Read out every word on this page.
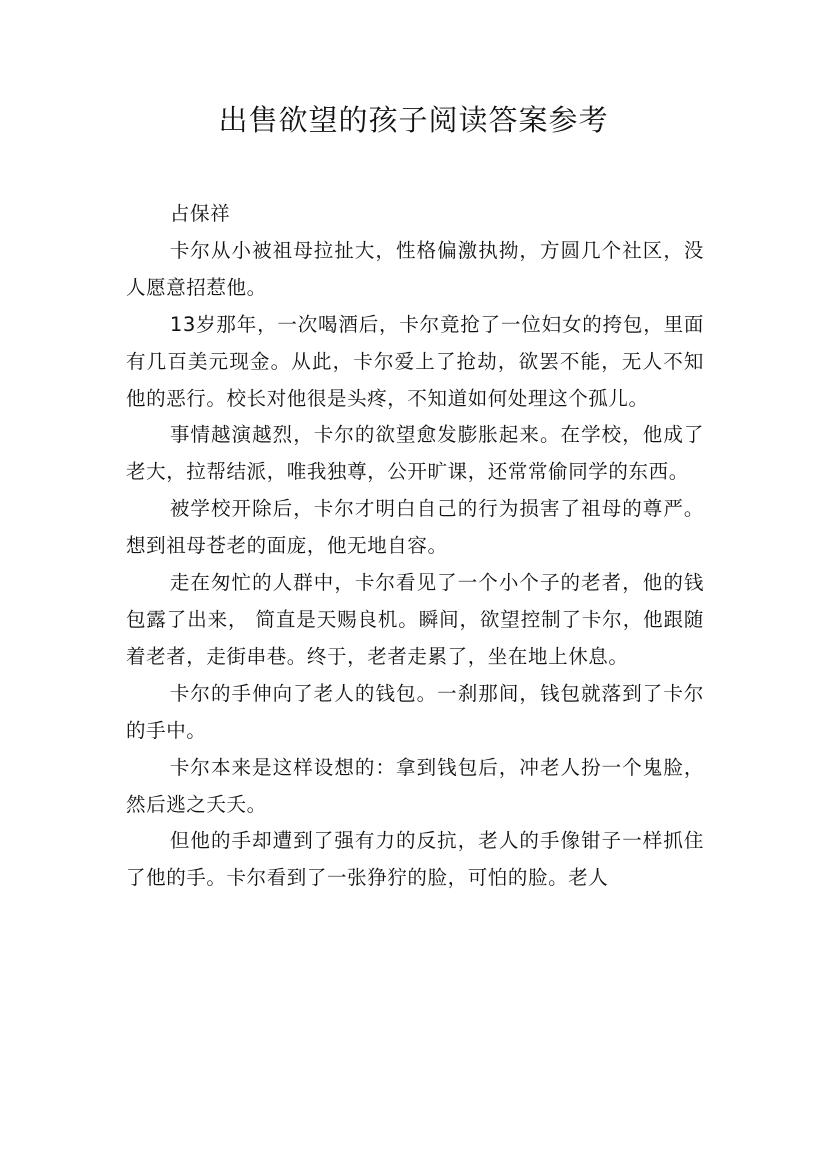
出售欲望的孩子阅读答案参考

占保祥

卡尔从小被祖母拉扯大，性格偏激执拗，方圆几个社区，没人愿意招惹他。

13岁那年，一次喝酒后，卡尔竟抢了一位妇女的挎包，里面有几百美元现金。从此，卡尔爱上了抢劫，欲罢不能，无人不知他的恶行。校长对他很是头疼，不知道如何处理这个孤儿。

事情越演越烈，卡尔的欲望愈发膨胀起来。在学校，他成了老大，拉帮结派，唯我独尊，公开旷课，还常常偷同学的东西。

被学校开除后，卡尔才明白自己的行为损害了祖母的尊严。想到祖母苍老的面庞，他无地自容。

走在匆忙的人群中，卡尔看见了一个小个子的老者，他的钱包露了出来， 简直是天赐良机。瞬间，欲望控制了卡尔，他跟随着老者，走街串巷。终于，老者走累了，坐在地上休息。

卡尔的手伸向了老人的钱包。一刹那间，钱包就落到了卡尔的手中。

卡尔本来是这样设想的：拿到钱包后，冲老人扮一个鬼脸，然后逃之夭夭。

但他的手却遭到了强有力的反抗，老人的手像钳子一样抓住了他的手。卡尔看到了一张狰狞的脸，可怕的脸。老人
